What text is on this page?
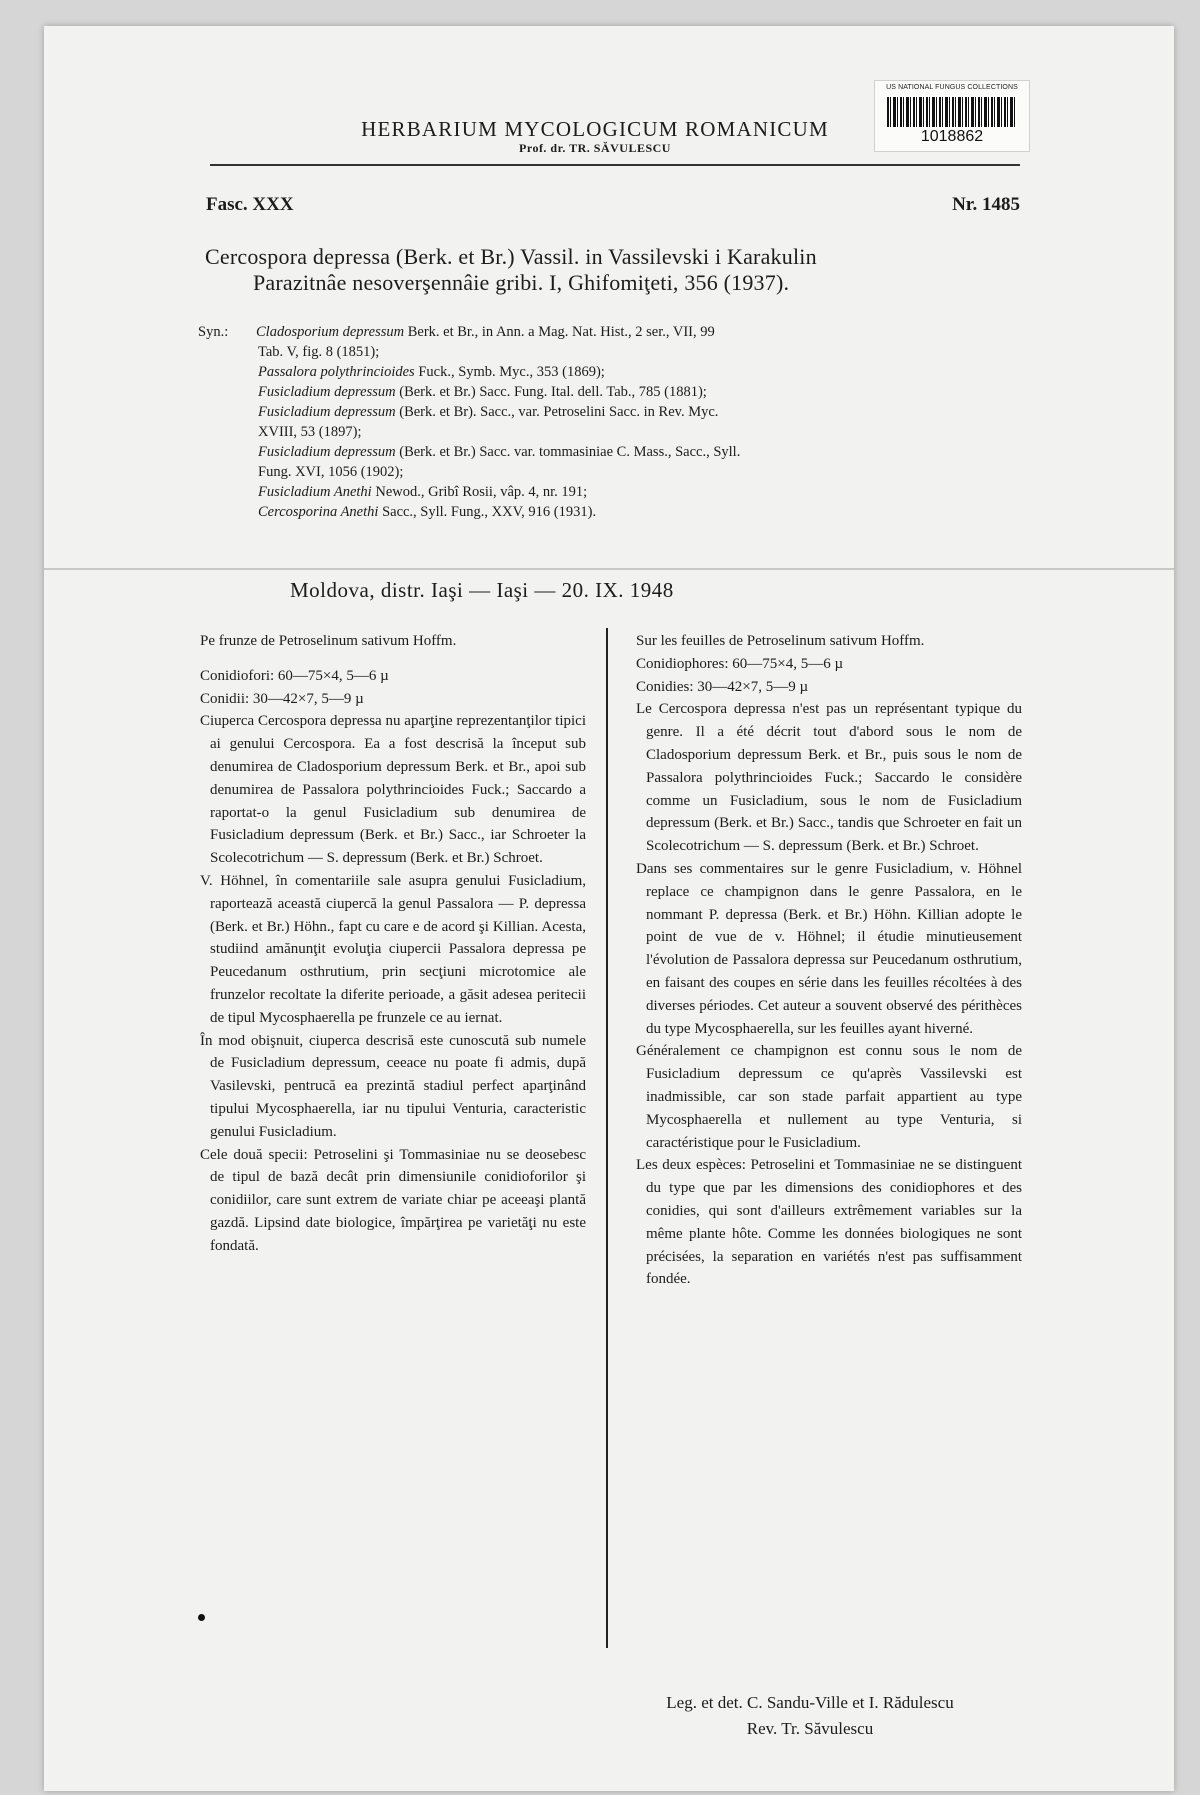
US NATIONAL FUNGUS COLLECTIONS
1018862
HERBARIUM MYCOLOGICUM ROMANICUM
Prof. dr. TR. SĂVULESCU
Fasc. XXX	Nr. 1485
Cercospora depressa (Berk. et Br.) Vassil. in Vassilevski i Karakulin
Parazitnâe nesoverşennâie gribi. I, Ghifomiţeti, 356 (1937).
Syn.: Cladosporium depressum Berk. et Br., in Ann. a Mag. Nat. Hist., 2 ser., VII, 99
Tab. V, fig. 8 (1851);
Passalora polythrincioides Fuck., Symb. Myc., 353 (1869);
Fusicladium depressum (Berk. et Br.) Sacc. Fung. Ital. dell. Tab., 785 (1881);
Fusicladium depressum (Berk. et Br). Sacc., var. Petroselini Sacc. in Rev. Myc.
XVIII, 53 (1897);
Fusicladium depressum (Berk. et Br.) Sacc. var. tommasiniae C. Mass., Sacc., Syll.
Fung. XVI, 1056 (1902);
Fusicladium Anethi Newod., Gribî Rosii, vâp. 4, nr. 191;
Cercosporina Anethi Sacc., Syll. Fung., XXV, 916 (1931).
Moldova, distr. Iaşi — Iaşi — 20. IX. 1948

Pe frunze de Petroselinum sativum Hoffm.

Conidiofori: 60—75×4, 5—6 µ

Conidii: 30—42×7, 5—9 µ

Ciuperca Cercospora depressa nu aparţine reprezentanţilor tipici ai genului Cercospora. Ea a fost descrisă la început sub denumirea de Cladosporium depressum Berk. et Br., apoi sub denumirea de Passalora polythrincioides Fuck.; Saccardo a raportat-o la genul Fusicladium sub denumirea de Fusicladium depressum (Berk. et Br.) Sacc., iar Schroeter la Scolecotrichum — S. depressum (Berk. et Br.) Schroet.

V. Höhnel, în comentariile sale asupra genului Fusicladium, raportează această ciupercă la genul Passalora — P. depressa (Berk. et Br.) Höhn., fapt cu care e de acord şi Killian. Acesta, studiind amănunţit evoluţia ciupercii Passalora depressa pe Peucedanum osthrutium, prin secţiuni microtomice ale frunzelor recoltate la diferite perioade, a găsit adesea peritecii de tipul Mycosphaerella pe frunzele ce au iernat.

În mod obişnuit, ciuperca descrisă este cunoscută sub numele de Fusicladium depressum, ceeace nu poate fi admis, după Vasilevski, pentrucă ea prezintă stadiul perfect aparţinând tipului Mycosphaerella, iar nu tipului Venturia, caracteristic genului Fusicladium.

Cele două specii: Petroselini şi Tommasiniae nu se deosebesc de tipul de bază decât prin dimensiunile conidioforilor şi conidiilor, care sunt extrem de variate chiar pe aceeaşi plantă gazdă. Lipsind date biologice, împărţirea pe varietăţi nu este fondată.

Sur les feuilles de Petroselinum sativum Hoffm.

Conidiophores: 60—75×4, 5—6 µ

Conidies: 30—42×7, 5—9 µ

Le Cercospora depressa n'est pas un représentant typique du genre. Il a été décrit tout d'abord sous le nom de Cladosporium depressum Berk. et Br., puis sous le nom de Passalora polythrincioides Fuck.; Saccardo le considère comme un Fusicladium, sous le nom de Fusicladium depressum (Berk. et Br.) Sacc., tandis que Schroeter en fait un Scolecotrichum — S. depressum (Berk. et Br.) Schroet.

Dans ses commentaires sur le genre Fusicladium, v. Höhnel replace ce champignon dans le genre Passalora, en le nommant P. depressa (Berk. et Br.) Höhn. Killian adopte le point de vue de v. Höhnel; il étudie minutieusement l'évolution de Passalora depressa sur Peucedanum osthrutium, en faisant des coupes en série dans les feuilles récoltées à des diverses périodes. Cet auteur a souvent observé des périthèces du type Mycosphaerella, sur les feuilles ayant hiverné.

Généralement ce champignon est connu sous le nom de Fusicladium depressum ce qu'après Vassilevski est inadmissible, car son stade parfait appartient au type Mycosphaerella et nullement au type Venturia, si caractéristique pour le Fusicladium.

Les deux espèces: Petroselini et Tommasiniae ne se distinguent du type que par les dimensions des conidiophores et des conidies, qui sont d'ailleurs extrêmement variables sur la même plante hôte. Comme les données biologiques ne sont précisées, la separation en variétés n'est pas suffisamment fondée.

Leg. et det. C. Sandu-Ville et I. Rădulescu
Rev. Tr. Săvulescu
